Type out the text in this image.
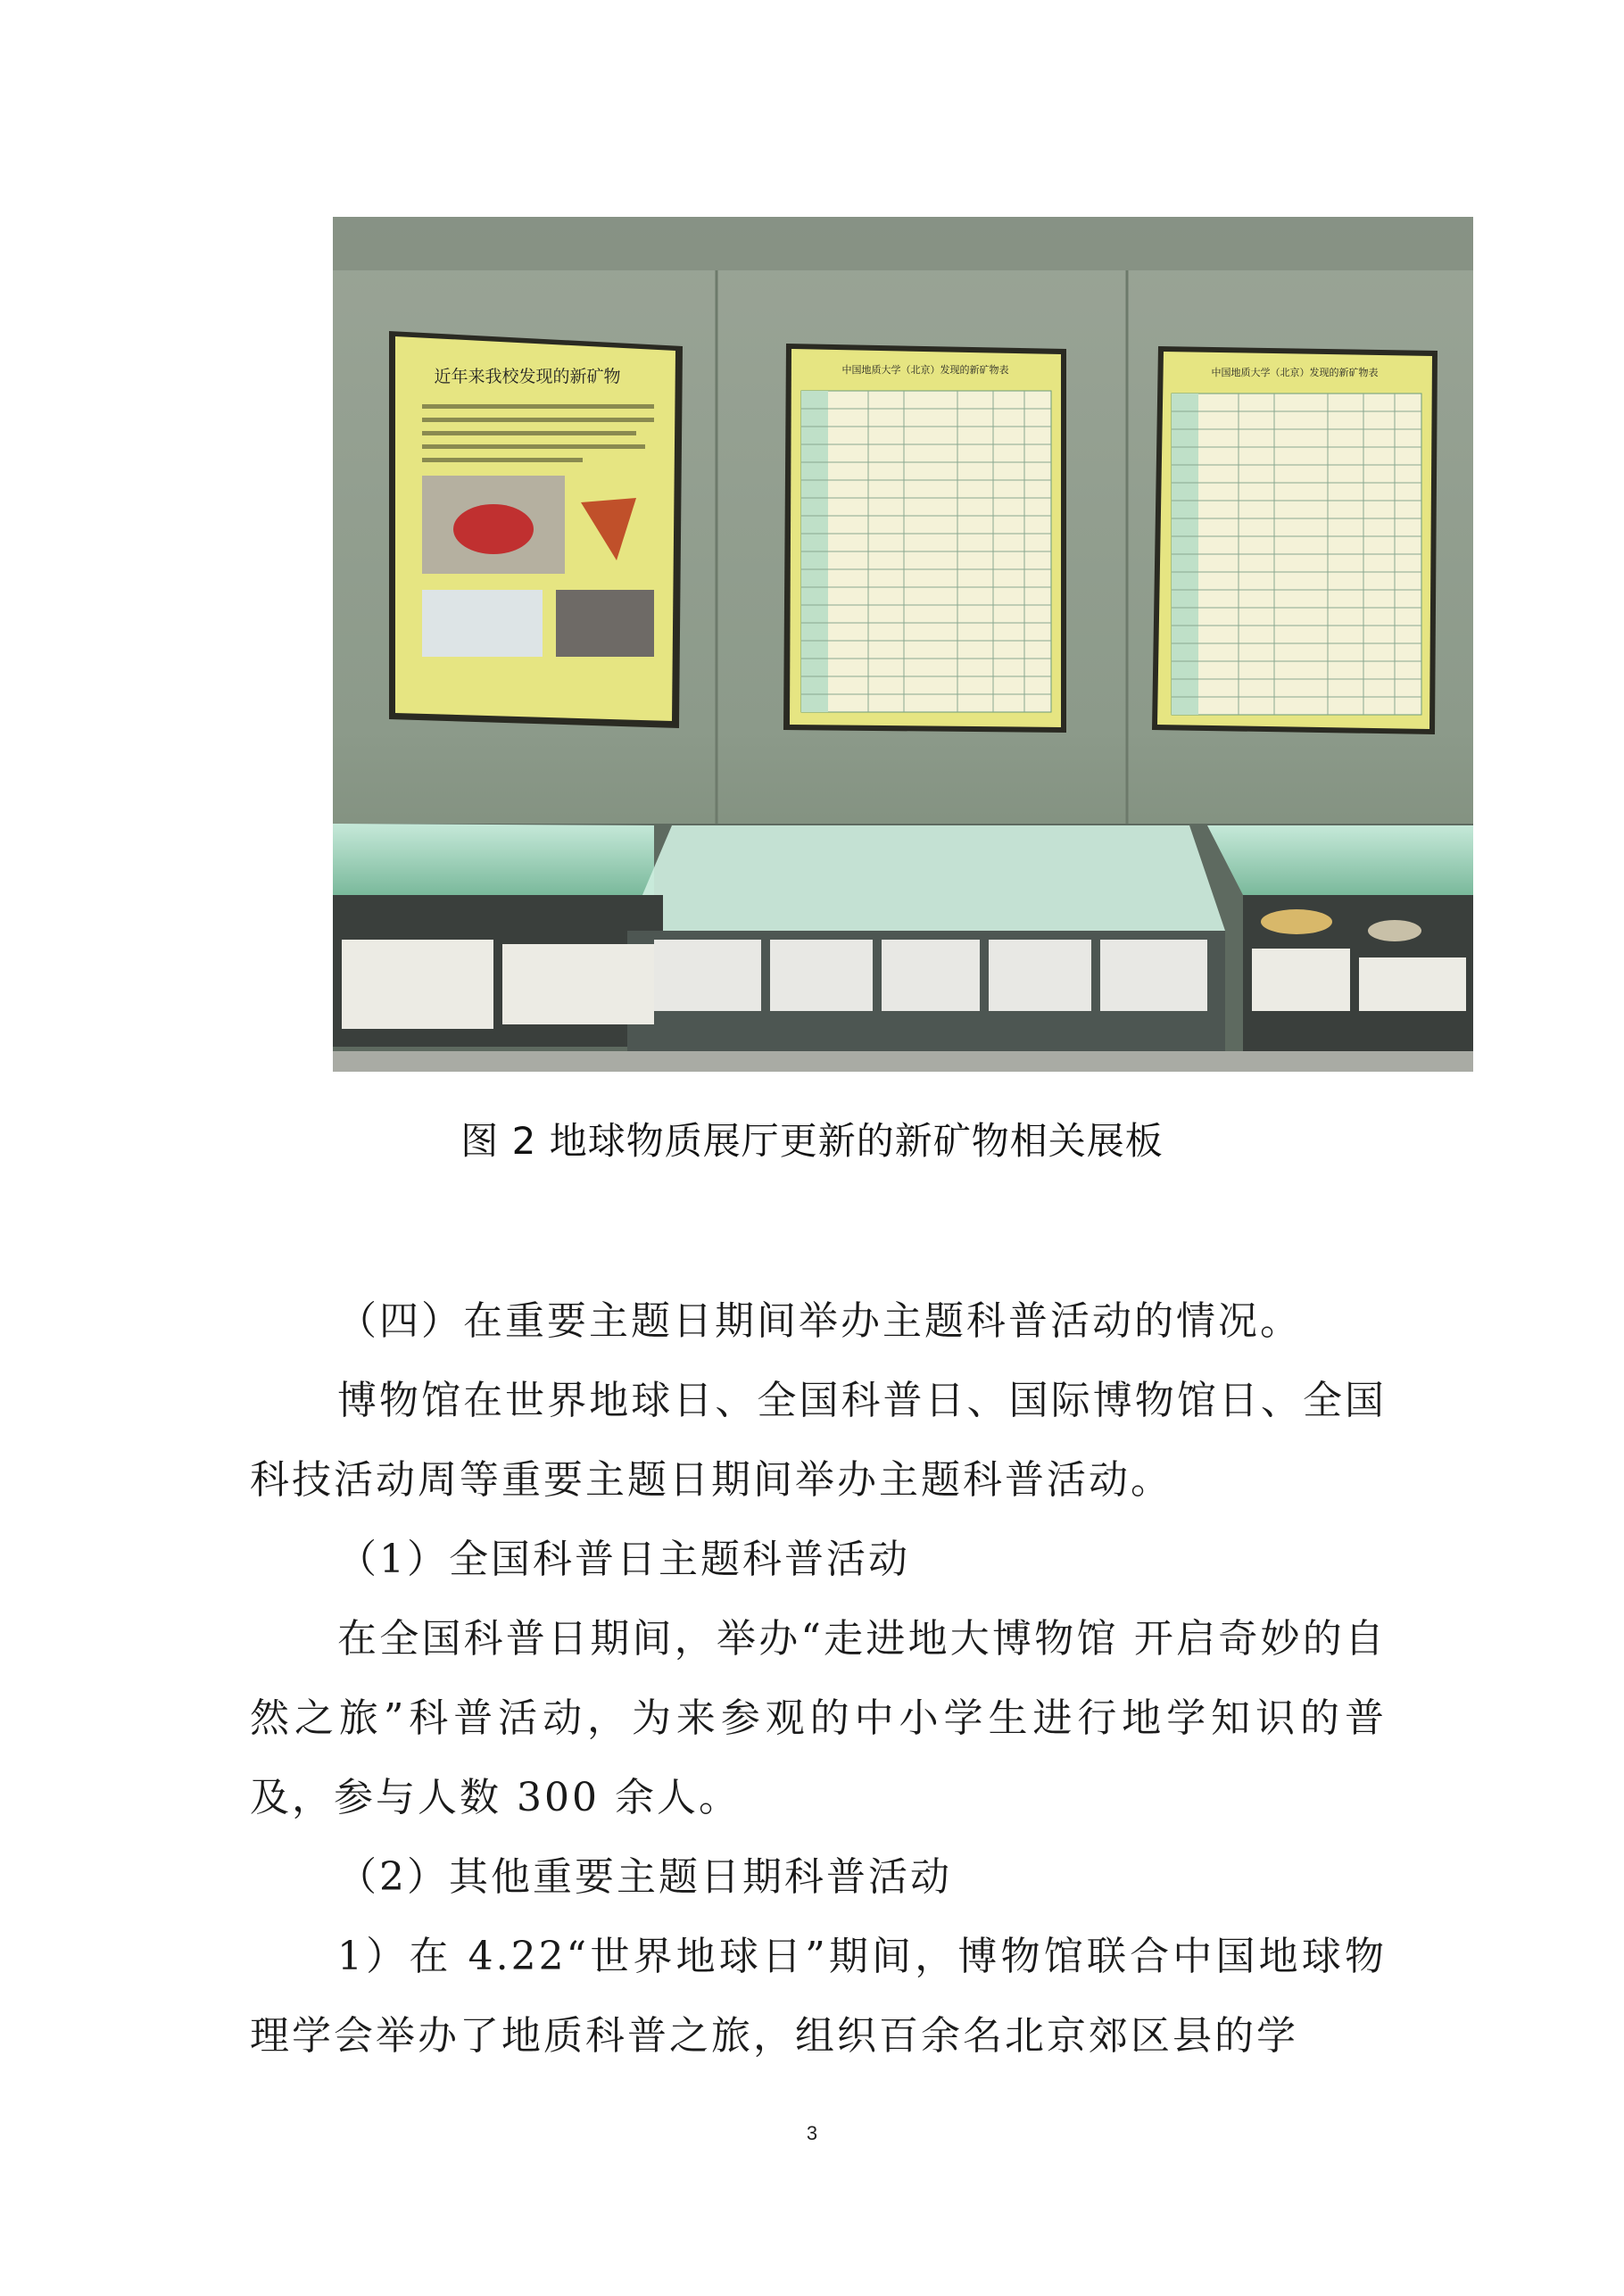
近年来我校发现的新矿物	中国地质大学（北京）发现的新矿物表	中国地质大学（北京）发现的新矿物表
图 2 地球物质展厅更新的新矿物相关展板

（四）在重要主题日期间举办主题科普活动的情况。

博物馆在世界地球日、全国科普日、国际博物馆日、全国科技活动周等重要主题日期间举办主题科普活动。

（1）全国科普日主题科普活动

在全国科普日期间，举办“走进地大博物馆 开启奇妙的自然之旅”科普活动，为来参观的中小学生进行地学知识的普及，参与人数 300 余人。

（2）其他重要主题日期科普活动

1）在 4.22“世界地球日”期间，博物馆联合中国地球物理学会举办了地质科普之旅，组织百余名北京郊区县的学

3
